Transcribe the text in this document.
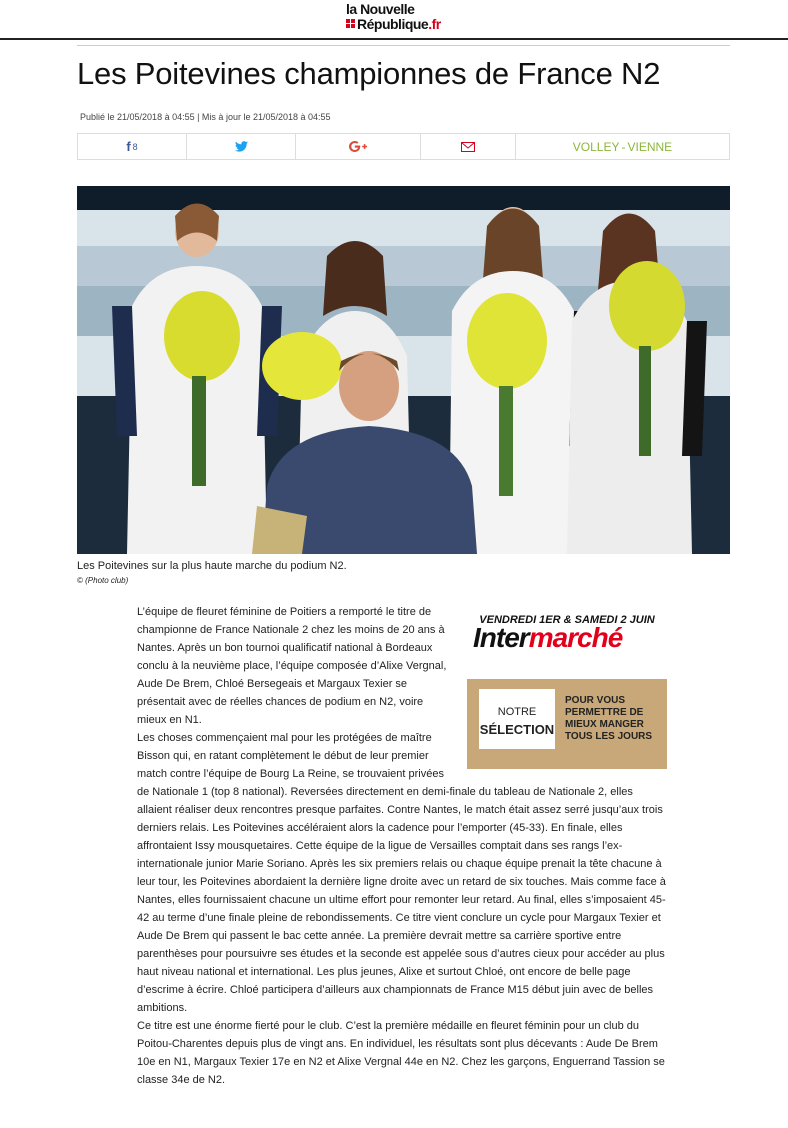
la Nouvelle
République.fr
Les Poitevines championnes de France N2
Publié le 21/05/2018 à 04:55 | Mis à jour le 21/05/2018 à 04:55
f 8	VOLLEY - VIENNE
Les Poitevines sur la plus haute marche du podium N2.
© (Photo club)
VENDREDI 1ER & SAMEDI 2 JUIN
Intermarché
NOTRE
SÉLECTION
POUR VOUS PERMETTRE DE MIEUX MANGER TOUS LES JOURS

L’équipe de fleuret féminine de Poitiers a remporté le titre de championne de France Nationale 2 chez les moins de 20 ans à Nantes. Après un bon tournoi qualificatif national à Bordeaux conclu à la neuvième place, l’équipe composée d’Alixe Vergnal, Aude De Brem, Chloé Bersegeais et Margaux Texier se présentait avec de réelles chances de podium en N2, voire mieux en N1.

Les choses commençaient mal pour les protégées de maître Bisson qui, en ratant complètement le début de leur premier match contre l’équipe de Bourg La Reine, se trouvaient privées de Nationale 1 (top 8 national). Reversées directement en demi-finale du tableau de Nationale 2, elles allaient réaliser deux rencontres presque parfaites. Contre Nantes, le match était assez serré jusqu’aux trois derniers relais. Les Poitevines accéléraient alors la cadence pour l’emporter (45-33). En finale, elles affrontaient Issy mousquetaires. Cette équipe de la ligue de Versailles comptait dans ses rangs l’ex-internationale junior Marie Soriano. Après les six premiers relais ou chaque équipe prenait la tête chacune à leur tour, les Poitevines abordaient la dernière ligne droite avec un retard de six touches. Mais comme face à Nantes, elles fournissaient chacune un ultime effort pour remonter leur retard. Au final, elles s’imposaient 45-42 au terme d’une finale pleine de rebondissements. Ce titre vient conclure un cycle pour Margaux Texier et Aude De Brem qui passent le bac cette année. La première devrait mettre sa carrière sportive entre parenthèses pour poursuivre ses études et la seconde est appelée sous d’autres cieux pour accéder au plus haut niveau national et international. Les plus jeunes, Alixe et surtout Chloé, ont encore de belle page d’escrime à écrire. Chloé participera d’ailleurs aux championnats de France M15 début juin avec de belles ambitions.

Ce titre est une énorme fierté pour le club. C’est la première médaille en fleuret féminin pour un club du Poitou-Charentes depuis plus de vingt ans. En individuel, les résultats sont plus décevants : Aude De Brem 10e en N1, Margaux Texier 17e en N2 et Alixe Vergnal 44e en N2. Chez les garçons, Enguerrand Tassion se classe 34e de N2.
